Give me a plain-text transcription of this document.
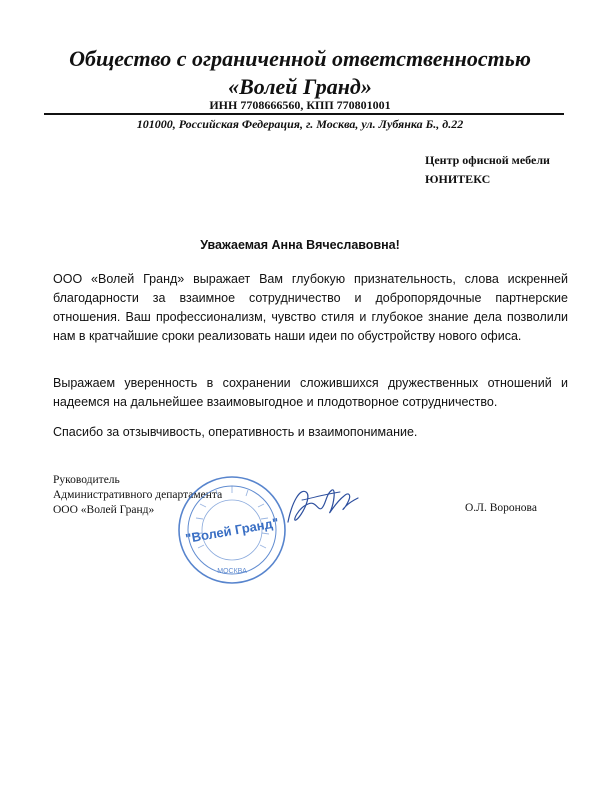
Общество с ограниченной ответственностью
«Волей Гранд»
ИНН 7708666560, КПП 770801001
101000, Российская Федерация, г. Москва, ул. Лубянка Б., д.22
Центр офисной мебели
ЮНИТЕКС
Уважаемая Анна Вячеславовна!
ООО «Волей Гранд» выражает Вам глубокую признательность, слова искренней благодарности за взаимное сотрудничество и добропорядочные партнерские отношения. Ваш профессионализм, чувство стиля и глубокое знание дела позволили нам в кратчайшие сроки реализовать наши идеи по обустройству нового офиса.
Выражаем уверенность в сохранении сложившихся дружественных отношений и надеемся на дальнейшее взаимовыгодное и плодотворное сотрудничество.
Спасибо за отзывчивость, оперативность и взаимопонимание.
Руководитель
Административного департамента
ООО «Волей Гранд»
"Волей Гранд"
МОСКВА
О.Л. Воронова
